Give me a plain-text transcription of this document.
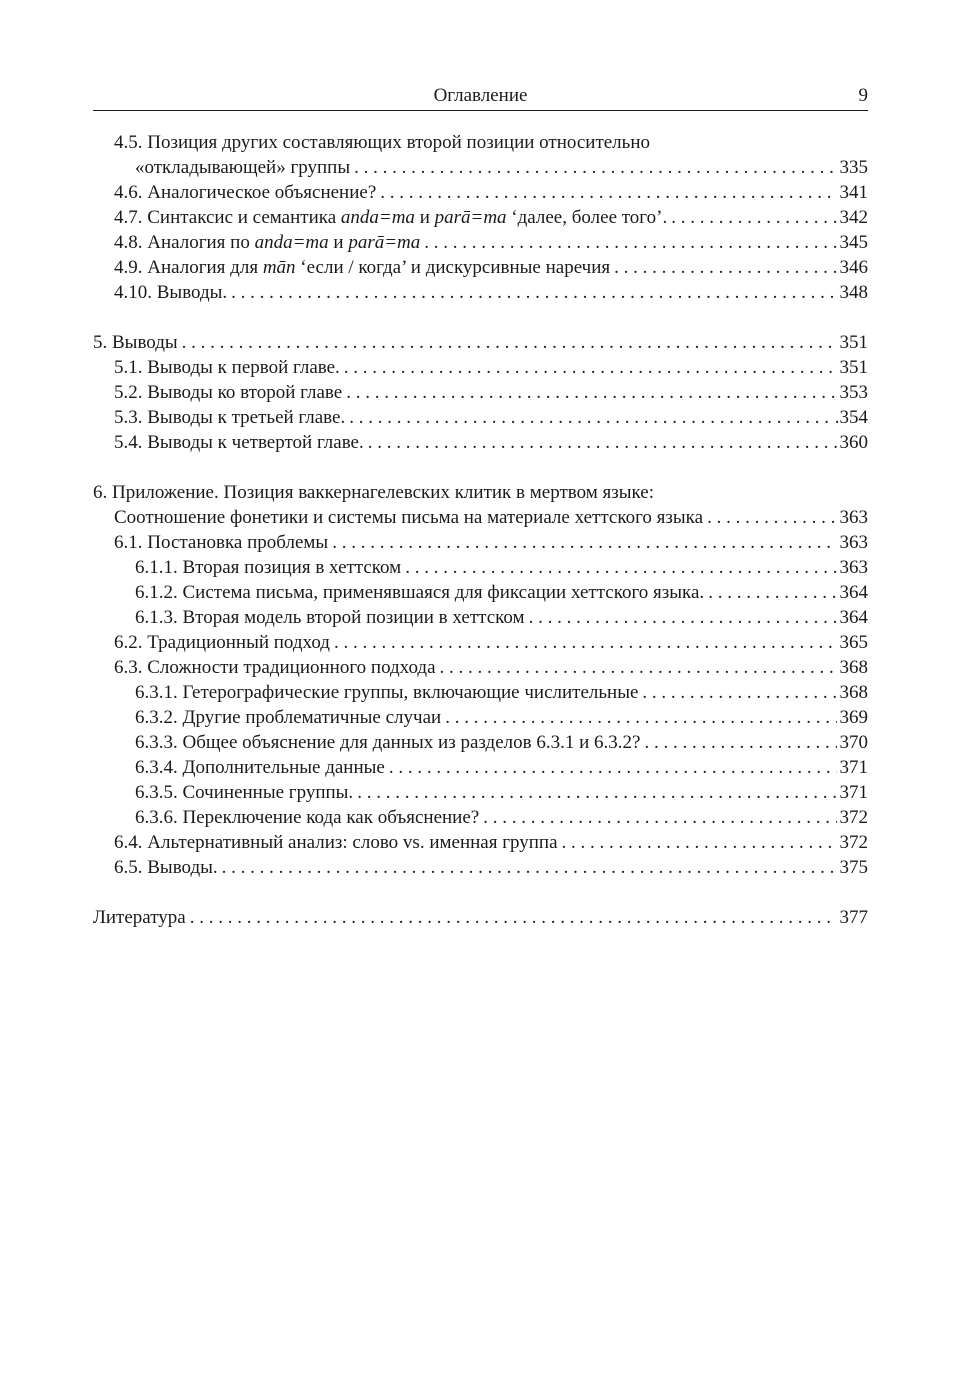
Оглавление	9
4.5. Позиция других составляющих второй позиции относительно
«откладывающей» группы . . .	335
4.6. Аналогическое объяснение? . . .	341
4.7. Синтаксис и семантика anda=ma и parā=ma ‘далее, более того’. . . .	342
4.8. Аналогия по anda=ma и parā=ma . . .	345
4.9. Аналогия для mān ‘если / когда’ и дискурсивные наречия . . .	346
4.10. Выводы. . . .	348
5. Выводы . . .	351
5.1. Выводы к первой главе. . . .	351
5.2. Выводы ко второй главе . . .	353
5.3. Выводы к третьей главе. . . .	.354
5.4. Выводы к четвертой главе. . . .	360
6. Приложение. Позиция ваккернагелевских клитик в мертвом языке:
Соотношение фонетики и системы письма на материале хеттского языка . . .	363
6.1. Постановка проблемы . . .	363
6.1.1. Вторая позиция в хеттском . . .	363
6.1.2. Система письма, применявшаяся для фиксации хеттского языка. . . .	364
6.1.3. Вторая модель второй позиции в хеттском . . .	364
6.2. Традиционный подход . . .	365
6.3. Сложности традиционного подхода . . .	368
6.3.1. Гетерографические группы, включающие числительные . . .	368
6.3.2. Другие проблематичные случаи . . .	369
6.3.3. Общее объяснение для данных из разделов 6.3.1 и 6.3.2? . . .	370
6.3.4. Дополнительные данные . . .	371
6.3.5. Сочиненные группы. . . .	371
6.3.6. Переключение кода как объяснение? . . .	372
6.4. Альтернативный анализ: слово vs. именная группа . . .	372
6.5. Выводы. . . .	375
Литература . . .	377
